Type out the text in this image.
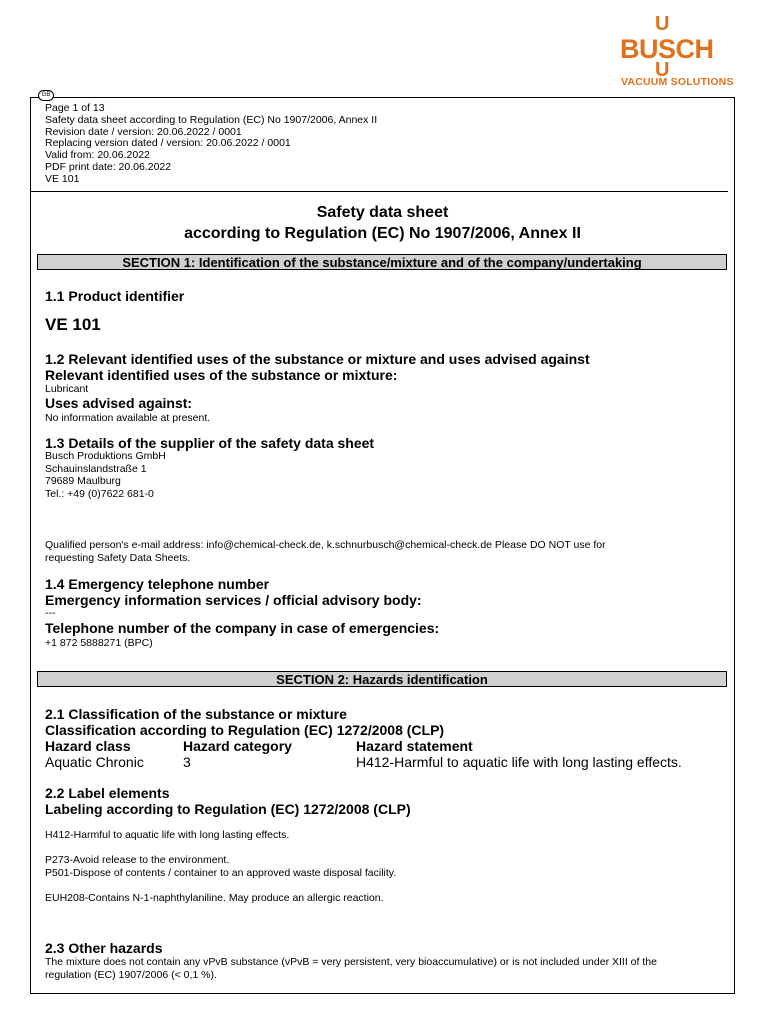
U
BUSCH
U
VACUUM SOLUTIONS
GB
Page 1 of 13
Safety data sheet according to Regulation (EC) No 1907/2006, Annex II
Revision date / version: 20.06.2022 / 0001
Replacing version dated / version: 20.06.2022 / 0001
Valid from: 20.06.2022
PDF print date: 20.06.2022
VE 101
Safety data sheet
according to Regulation (EC) No 1907/2006, Annex II
SECTION 1: Identification of the substance/mixture and of the company/undertaking
1.1 Product identifier
VE 101
1.2 Relevant identified uses of the substance or mixture and uses advised against
Relevant identified uses of the substance or mixture:
Lubricant
Uses advised against:
No information available at present.
1.3 Details of the supplier of the safety data sheet
Busch Produktions GmbH
Schauinslandstraße 1
79689 Maulburg
Tel.: +49 (0)7622 681-0
Qualified person's e-mail address: info@chemical-check.de, k.schnurbusch@chemical-check.de Please DO NOT use for
requesting Safety Data Sheets.
1.4 Emergency telephone number
Emergency information services / official advisory body:
---
Telephone number of the company in case of emergencies:
+1 872 5888271 (BPC)
SECTION 2: Hazards identification
2.1 Classification of the substance or mixture
Classification according to Regulation (EC) 1272/2008 (CLP)
Hazard class	Hazard category	Hazard statement
Aquatic Chronic	3	H412-Harmful to aquatic life with long lasting effects.
2.2 Label elements
Labeling according to Regulation (EC) 1272/2008 (CLP)
H412-Harmful to aquatic life with long lasting effects.
P273-Avoid release to the environment.
P501-Dispose of contents / container to an approved waste disposal facility.
EUH208-Contains N-1-naphthylaniline. May produce an allergic reaction.
2.3 Other hazards
The mixture does not contain any vPvB substance (vPvB = very persistent, very bioaccumulative) or is not included under XIII of the
regulation (EC) 1907/2006 (< 0,1 %).
